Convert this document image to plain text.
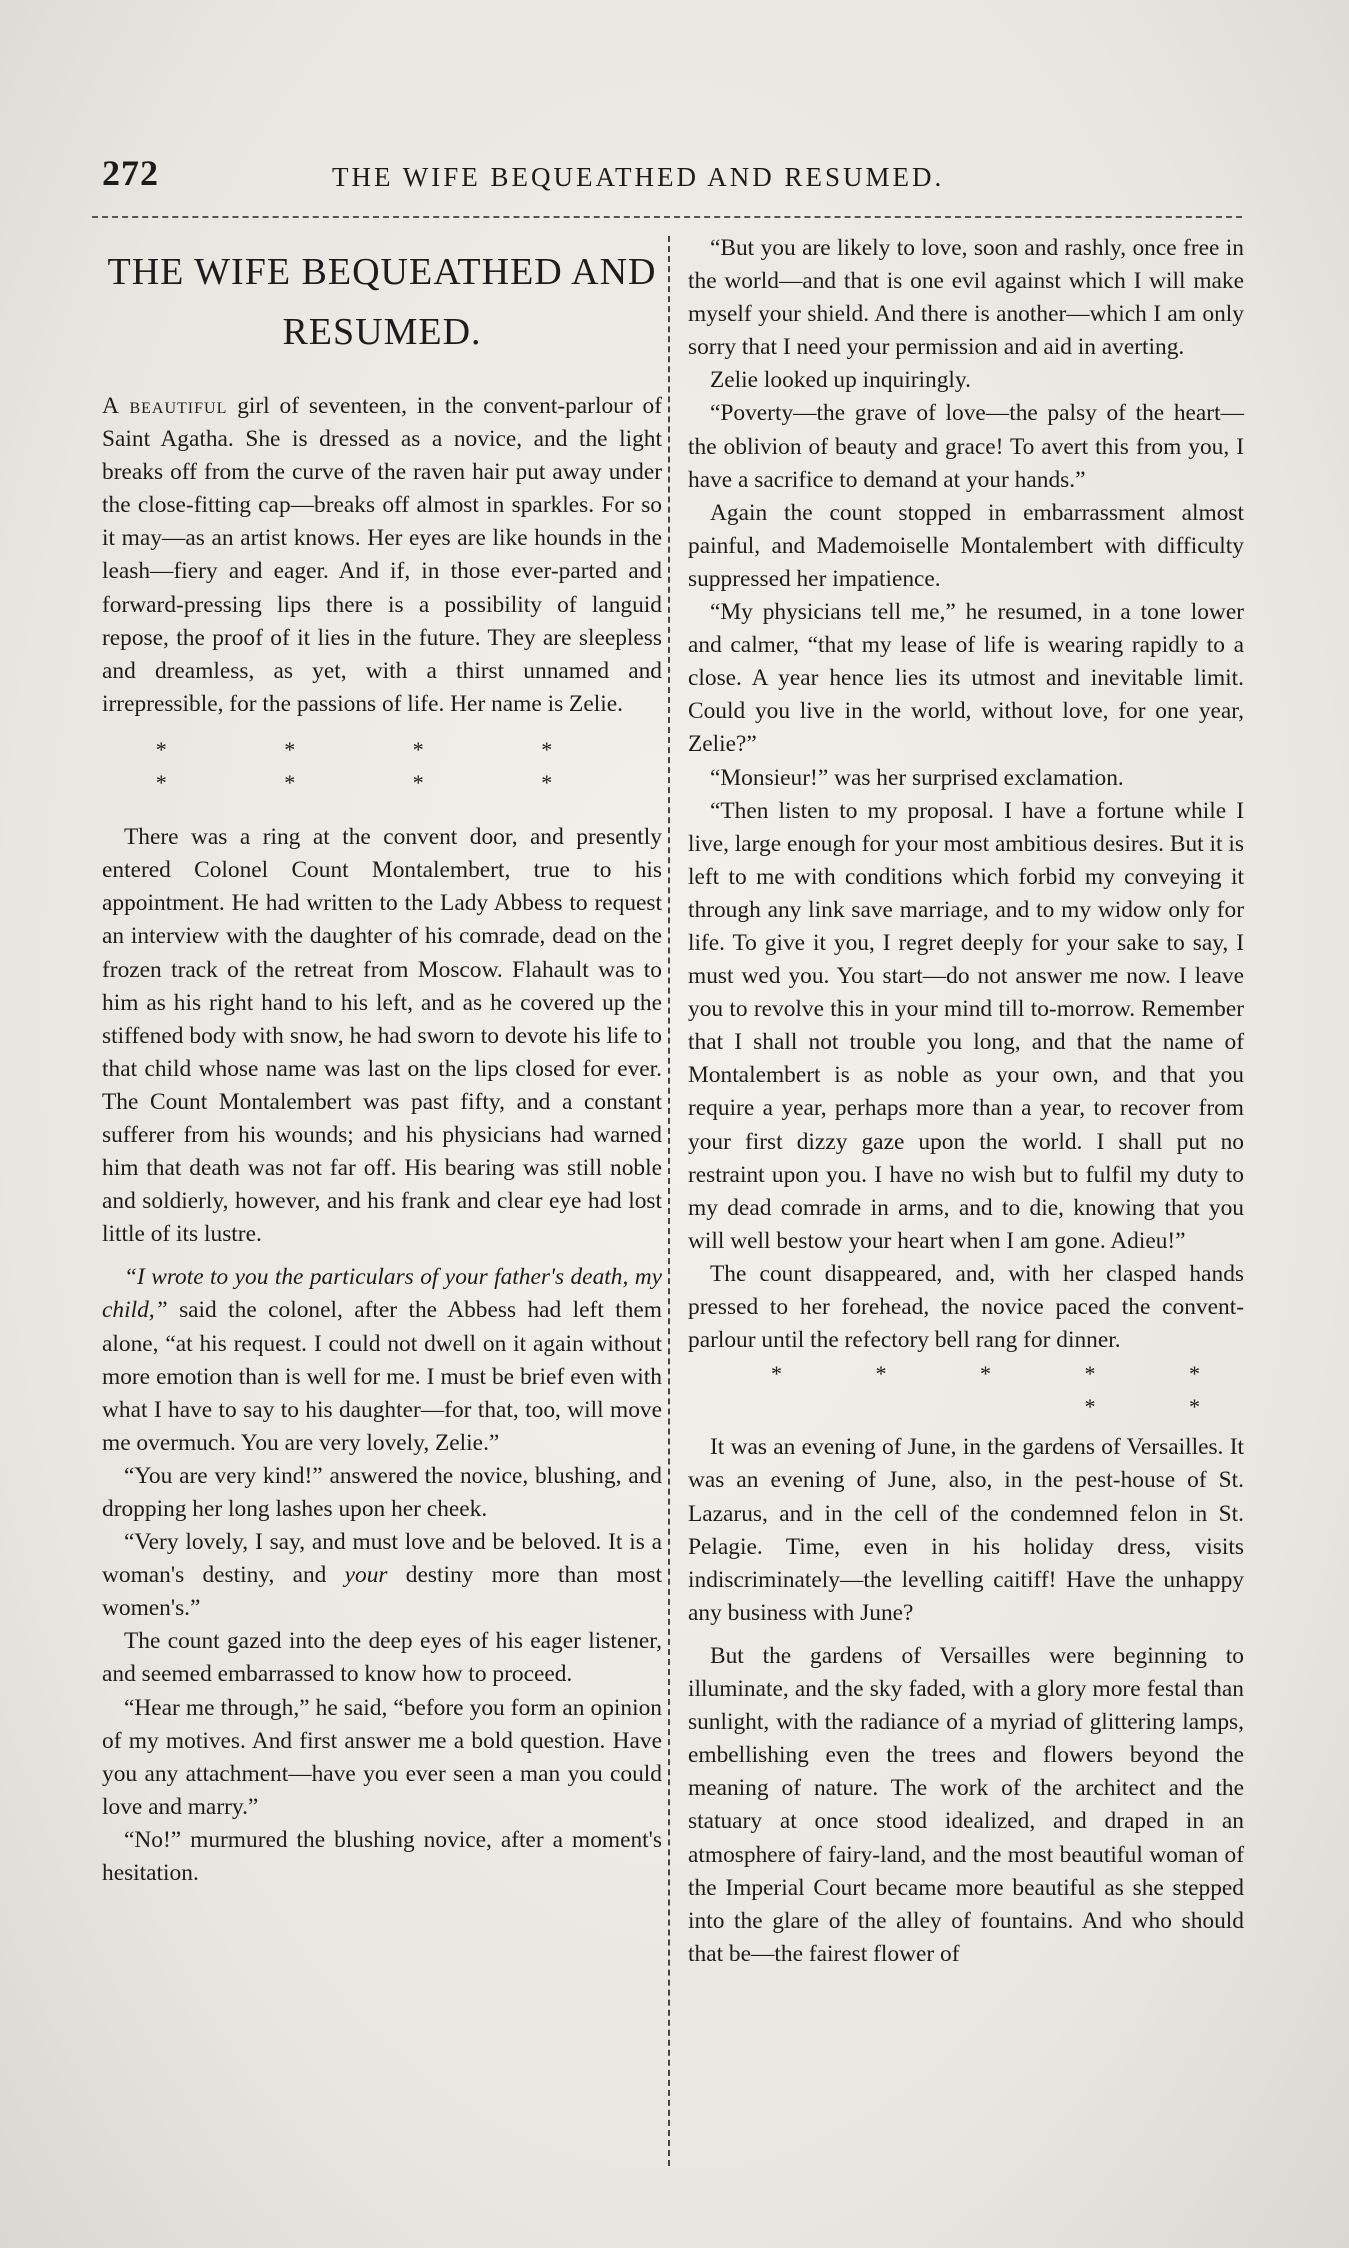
272	THE WIFE BEQUEATHED AND RESUMED.
THE WIFE BEQUEATHED AND
RESUMED.

A beautiful girl of seventeen, in the convent-parlour of Saint Agatha. She is dressed as a novice, and the light breaks off from the curve of the raven hair put away under the close-fitting cap—breaks off almost in sparkles. For so it may—as an artist knows. Her eyes are like hounds in the leash—fiery and eager. And if, in those ever-parted and forward-pressing lips there is a possibility of languid repose, the proof of it lies in the future. They are sleepless and dreamless, as yet, with a thirst unnamed and irrepressible, for the passions of life. Her name is Zelie.

* * * * * * * *

There was a ring at the convent door, and presently entered Colonel Count Montalembert, true to his appointment. He had written to the Lady Abbess to request an interview with the daughter of his comrade, dead on the frozen track of the retreat from Moscow. Flahault was to him as his right hand to his left, and as he covered up the stiffened body with snow, he had sworn to devote his life to that child whose name was last on the lips closed for ever. The Count Montalembert was past fifty, and a constant sufferer from his wounds; and his physicians had warned him that death was not far off. His bearing was still noble and soldierly, however, and his frank and clear eye had lost little of its lustre.

“I wrote to you the particulars of your father's death, my child,” said the colonel, after the Abbess had left them alone, “at his request. I could not dwell on it again without more emotion than is well for me. I must be brief even with what I have to say to his daughter—for that, too, will move me overmuch. You are very lovely, Zelie.”

“You are very kind!” answered the novice, blushing, and dropping her long lashes upon her cheek.

“Very lovely, I say, and must love and be beloved. It is a woman's destiny, and your destiny more than most women's.”

The count gazed into the deep eyes of his eager listener, and seemed embarrassed to know how to proceed.

“Hear me through,” he said, “before you form an opinion of my motives. And first answer me a bold question. Have you any attachment—have you ever seen a man you could love and marry.”

“No!” murmured the blushing novice, after a moment's hesitation.

“But you are likely to love, soon and rashly, once free in the world—and that is one evil against which I will make myself your shield. And there is another—which I am only sorry that I need your permission and aid in averting.

Zelie looked up inquiringly.

“Poverty—the grave of love—the palsy of the heart—the oblivion of beauty and grace! To avert this from you, I have a sacrifice to demand at your hands.”

Again the count stopped in embarrassment almost painful, and Mademoiselle Montalembert with difficulty suppressed her impatience.

“My physicians tell me,” he resumed, in a tone lower and calmer, “that my lease of life is wearing rapidly to a close. A year hence lies its utmost and inevitable limit. Could you live in the world, without love, for one year, Zelie?”

“Monsieur!” was her surprised exclamation.

“Then listen to my proposal. I have a fortune while I live, large enough for your most ambitious desires. But it is left to me with conditions which forbid my conveying it through any link save marriage, and to my widow only for life. To give it you, I regret deeply for your sake to say, I must wed you. You start—do not answer me now. I leave you to revolve this in your mind till to-morrow. Remember that I shall not trouble you long, and that the name of Montalembert is as noble as your own, and that you require a year, perhaps more than a year, to recover from your first dizzy gaze upon the world. I shall put no restraint upon you. I have no wish but to fulfil my duty to my dead comrade in arms, and to die, knowing that you will well bestow your heart when I am gone. Adieu!”

The count disappeared, and, with her clasped hands pressed to her forehead, the novice paced the convent-parlour until the refectory bell rang for dinner.

* * * * * * *

It was an evening of June, in the gardens of Versailles. It was an evening of June, also, in the pest-house of St. Lazarus, and in the cell of the condemned felon in St. Pelagie. Time, even in his holiday dress, visits indiscriminately—the levelling caitiff! Have the unhappy any business with June?

But the gardens of Versailles were beginning to illuminate, and the sky faded, with a glory more festal than sunlight, with the radiance of a myriad of glittering lamps, embellishing even the trees and flowers beyond the meaning of nature. The work of the architect and the statuary at once stood idealized, and draped in an atmosphere of fairy-land, and the most beautiful woman of the Imperial Court became more beautiful as she stepped into the glare of the alley of fountains. And who should that be—the fairest flower of
